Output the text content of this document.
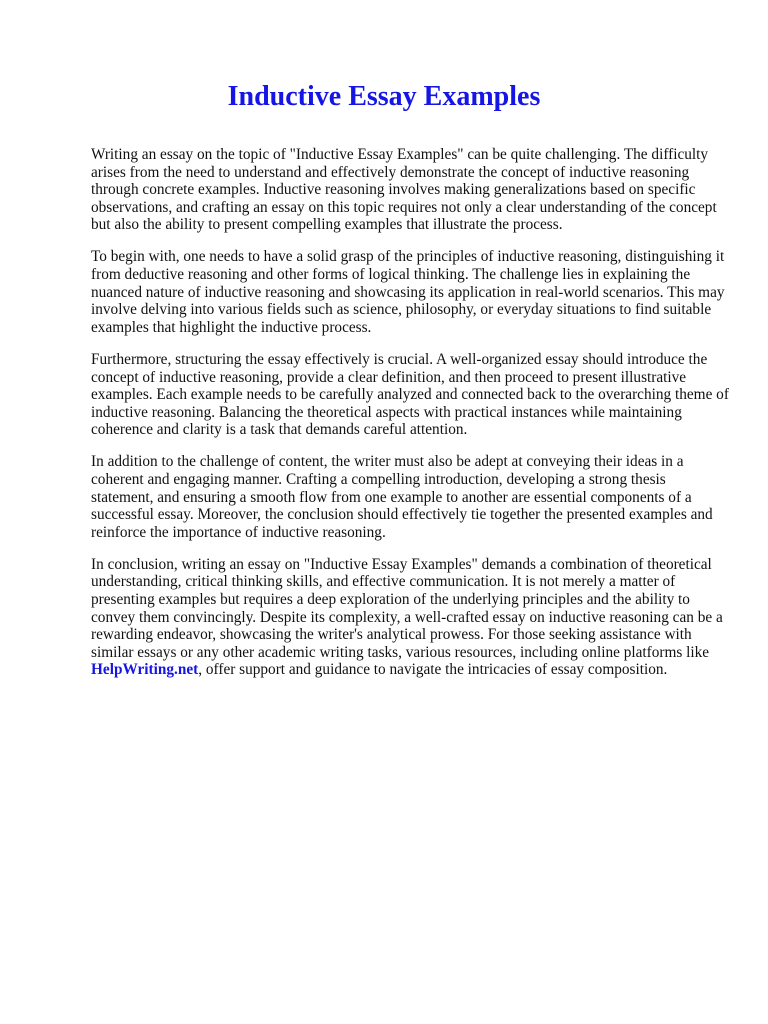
Inductive Essay Examples

Writing an essay on the topic of "Inductive Essay Examples" can be quite challenging. The difficulty arises from the need to understand and effectively demonstrate the concept of inductive reasoning through concrete examples. Inductive reasoning involves making generalizations based on specific observations, and crafting an essay on this topic requires not only a clear understanding of the concept but also the ability to present compelling examples that illustrate the process.

To begin with, one needs to have a solid grasp of the principles of inductive reasoning, distinguishing it from deductive reasoning and other forms of logical thinking. The challenge lies in explaining the nuanced nature of inductive reasoning and showcasing its application in real-world scenarios. This may involve delving into various fields such as science, philosophy, or everyday situations to find suitable examples that highlight the inductive process.

Furthermore, structuring the essay effectively is crucial. A well-organized essay should introduce the concept of inductive reasoning, provide a clear definition, and then proceed to present illustrative examples. Each example needs to be carefully analyzed and connected back to the overarching theme of inductive reasoning. Balancing the theoretical aspects with practical instances while maintaining coherence and clarity is a task that demands careful attention.

In addition to the challenge of content, the writer must also be adept at conveying their ideas in a coherent and engaging manner. Crafting a compelling introduction, developing a strong thesis statement, and ensuring a smooth flow from one example to another are essential components of a successful essay. Moreover, the conclusion should effectively tie together the presented examples and reinforce the importance of inductive reasoning.

In conclusion, writing an essay on "Inductive Essay Examples" demands a combination of theoretical understanding, critical thinking skills, and effective communication. It is not merely a matter of presenting examples but requires a deep exploration of the underlying principles and the ability to convey them convincingly. Despite its complexity, a well-crafted essay on inductive reasoning can be a rewarding endeavor, showcasing the writer's analytical prowess. For those seeking assistance with similar essays or any other academic writing tasks, various resources, including online platforms like HelpWriting.net, offer support and guidance to navigate the intricacies of essay composition.
